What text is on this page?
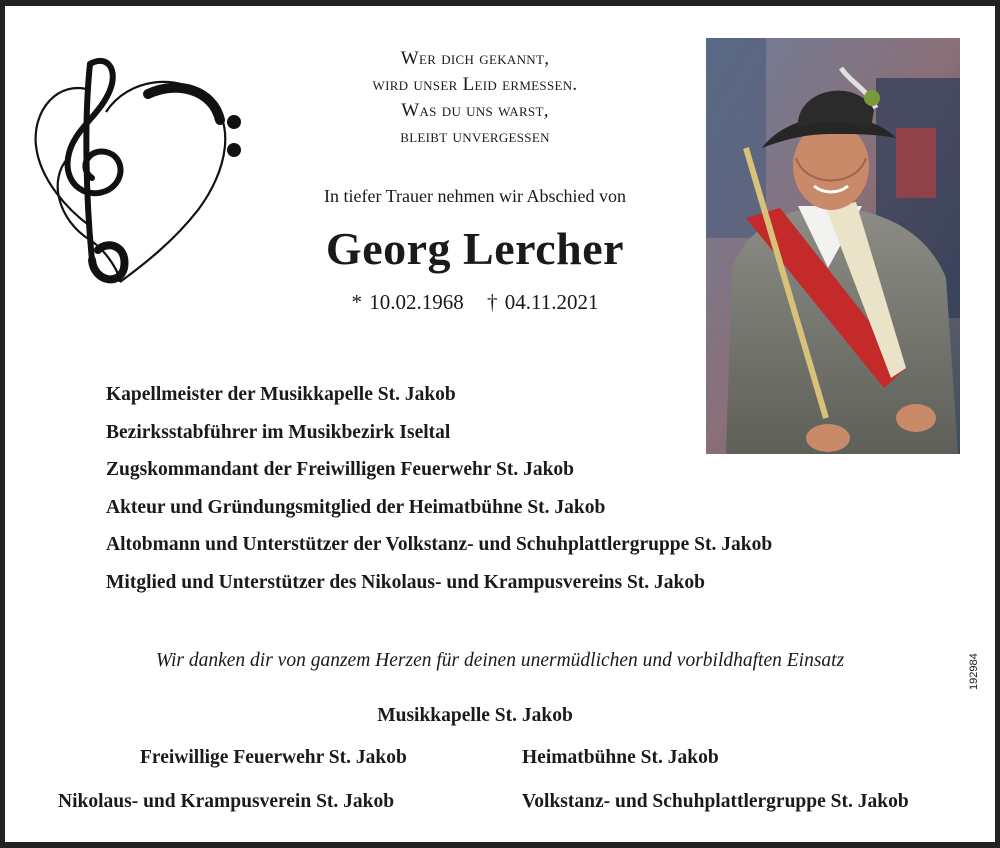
Wer dich gekannt,
wird unser Leid ermessen.
Was du uns warst,
bleibt unvergessen
In tiefer Trauer nehmen wir Abschied von
Georg Lercher
* 10.02.1968 † 04.11.2021
Kapellmeister der Musikkapelle St. Jakob
Bezirksstabführer im Musikbezirk Iseltal
Zugskommandant der Freiwilligen Feuerwehr St. Jakob
Akteur und Gründungsmitglied der Heimatbühne St. Jakob
Altobmann und Unterstützer der Volkstanz- und Schuhplattlergruppe St. Jakob
Mitglied und Unterstützer des Nikolaus- und Krampusvereins St. Jakob
Wir danken dir von ganzem Herzen für deinen unermüdlichen und vorbildhaften Einsatz
Musikkapelle St. Jakob
Freiwillige Feuerwehr St. Jakob	Heimatbühne St. Jakob
Nikolaus- und Krampusverein St. Jakob	Volkstanz- und Schuhplattlergruppe St. Jakob
192984
